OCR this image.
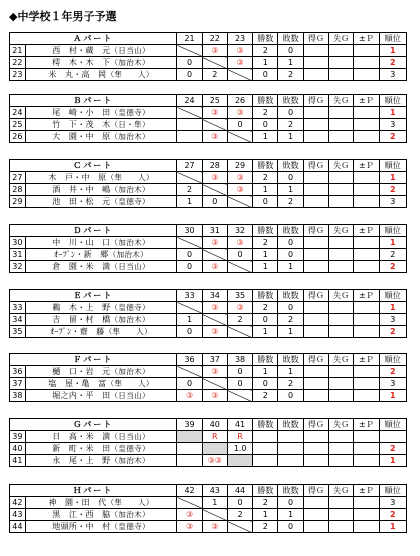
◆中学校１年男子予選
Ａパート		21	22	23	勝数	敗数	得Ｇ	失Ｇ	±Ｐ	順位
21	西　村・蔵　元（日当山）		③	③	2	0				1
22	樗　木・木　下（加治木）	0		③	1	1				2
23	米　丸・高　岡（隼　　人）	0	2		0	2				3
Ｂパート		24	25	26	勝数	敗数	得Ｇ	失Ｇ	±Ｐ	順位
24	尾　崎・小　田（皇徳寺）		③	③	2	0				1
25	竹　下・茂　木（日・隼）			0	0	2				3
26	大　園・中　原（加治木）		③		1	1				2
Ｃパート		27	28	29	勝数	敗数	得Ｇ	失Ｇ	±Ｐ	順位
27	木　戸・中　原（隼　　人）		③	③	2	0				1
28	酒　井・中　嶋（加治木）	2		③	1	1				2
29	池　田・松　元（皇徳寺）	1	0		0	2				3
Ｄパート		30	31	32	勝数	敗数	得Ｇ	失Ｇ	±Ｐ	順位
30	中　川・山　口（加治木）		③	③	2	0				1
31	ｵｰﾌﾟﾝ・新　郷（加治木）	0		0	1	0				2
32	倉　園・米　満（日当山）	0	③		1	1				2
Ｅパート		33	34	35	勝数	敗数	得Ｇ	失Ｇ	±Ｐ	順位
33	鵜　木・上　野（皇徳寺）		③	③	2	0				1
34	吉　留・村　橋（加治木）	1		2	0	2				3
35	ｵｰﾌﾟﾝ・齋　藤（隼　　人）	0	③		1	1				2
Ｆパート		36	37	38	勝数	敗数	得Ｇ	失Ｇ	±Ｐ	順位
36	樋　口・岩　元（加治木）		③	0	1	1				2
37	塩　屋・亀　富（隼　　人）	0		0	0	2				3
38	堀之内・平　田（日当山）	③	③		2	0				1
Ｇパート		39	40	41	勝数	敗数	得Ｇ	失Ｇ	±Ｐ	順位
39	日　高・米　満（日当山）		R	R						
40	新　町・米　田（皇徳寺）			1.0						2
41	永　尾・上　野（加治木）		③③							1
Ｈパート		42	43	44	勝数	敗数	得Ｇ	失Ｇ	±Ｐ	順位
42	神　園・田　代（隼　　人）		1	0	2	0				3
43	黒　江・西　脇（加治木）	③		2	1	1				2
44	地頭所・中　村（皇徳寺）	③	③		2	0				1
